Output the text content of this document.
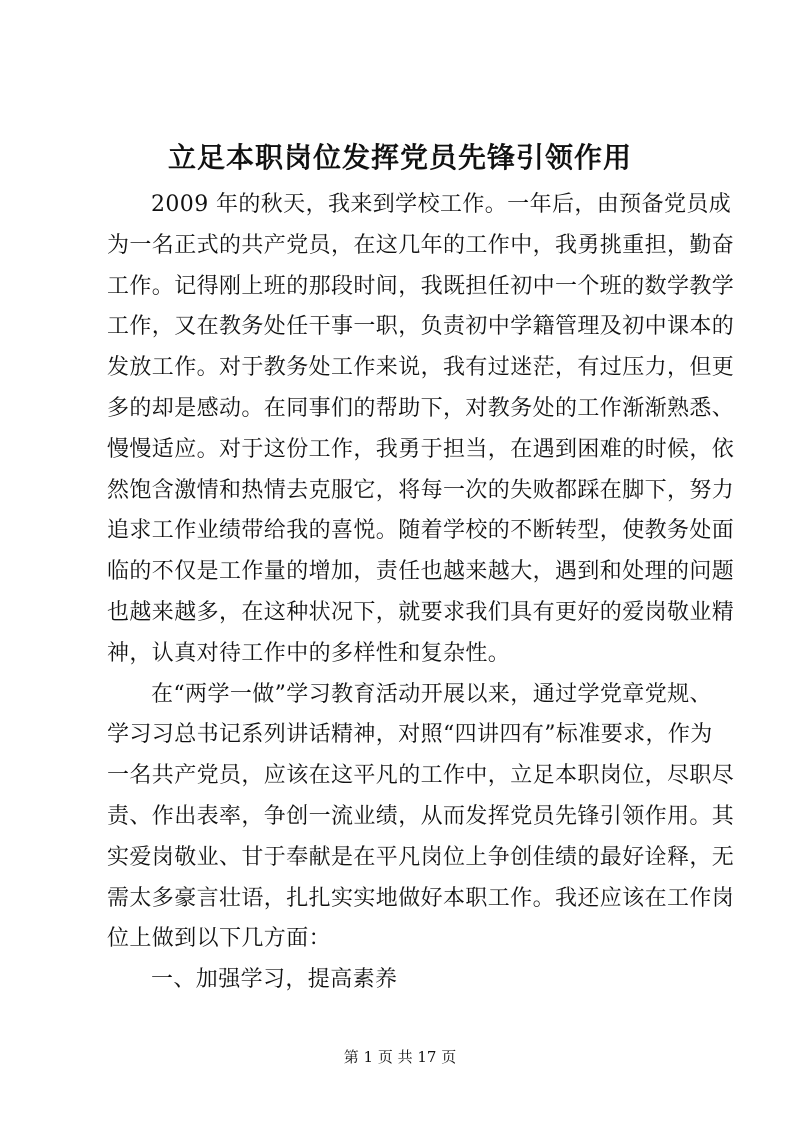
立足本职岗位发挥党员先锋引领作用
2009 年的秋天，我来到学校工作。一年后，由预备党员成
为一名正式的共产党员，在这几年的工作中，我勇挑重担，勤奋
工作。记得刚上班的那段时间，我既担任初中一个班的数学教学
工作，又在教务处任干事一职，负责初中学籍管理及初中课本的
发放工作。对于教务处工作来说，我有过迷茫，有过压力，但更
多的却是感动。在同事们的帮助下，对教务处的工作渐渐熟悉、
慢慢适应。对于这份工作，我勇于担当，在遇到困难的时候，依
然饱含激情和热情去克服它，将每一次的失败都踩在脚下，努力
追求工作业绩带给我的喜悦。随着学校的不断转型，使教务处面
临的不仅是工作量的增加，责任也越来越大，遇到和处理的问题
也越来越多，在这种状况下，就要求我们具有更好的爱岗敬业精
神，认真对待工作中的多样性和复杂性。
在“两学一做”学习教育活动开展以来，通过学党章党规、
学习习总书记系列讲话精神，对照“四讲四有”标准要求，作为
一名共产党员，应该在这平凡的工作中，立足本职岗位，尽职尽
责、作出表率，争创一流业绩，从而发挥党员先锋引领作用。其
实爱岗敬业、甘于奉献是在平凡岗位上争创佳绩的最好诠释，无
需太多豪言壮语，扎扎实实地做好本职工作。我还应该在工作岗
位上做到以下几方面：
一、加强学习，提高素养
第 1 页 共 17 页
